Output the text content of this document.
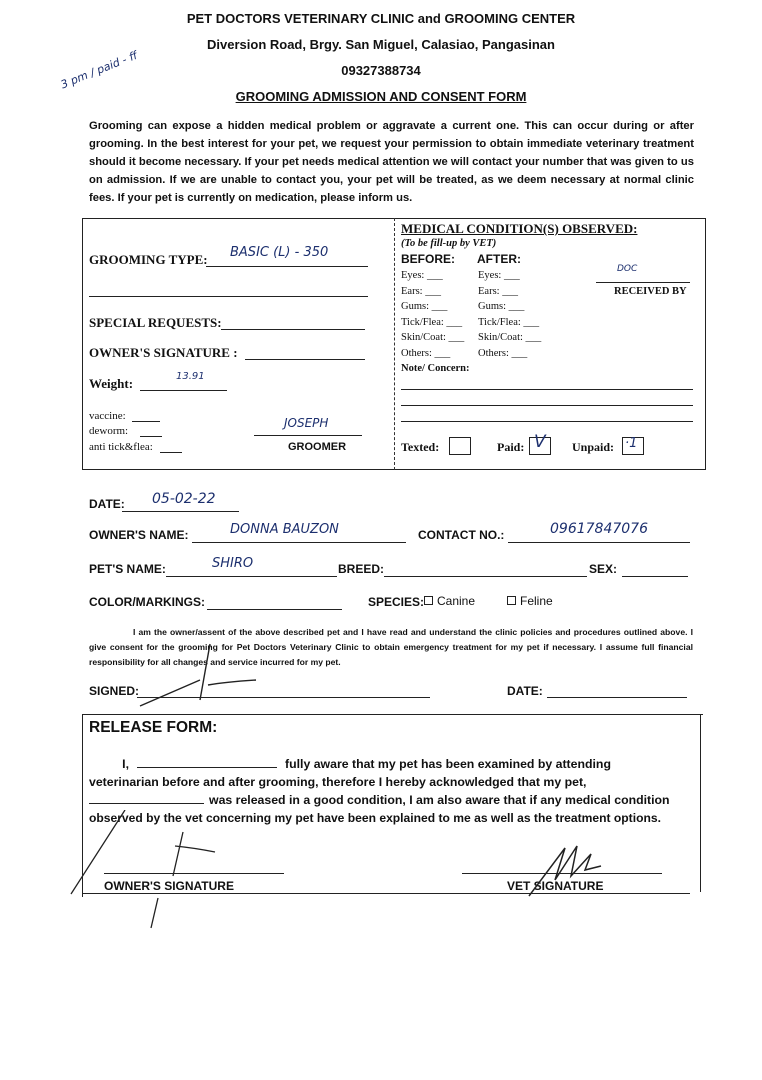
PET DOCTORS VETERINARY CLINIC and GROOMING CENTER
Diversion Road, Brgy. San Miguel, Calasiao, Pangasinan
09327388734
GROOMING ADMISSION AND CONSENT FORM
3 pm / paid - ff
Grooming can expose a hidden medical problem or aggravate a current one. This can occur during or after grooming. In the best interest for your pet, we request your permission to obtain immediate veterinary treatment should it become necessary. If your pet needs medical attention we will contact your number that was given to us on admission. If we are unable to contact you, your pet will be treated, as we deem necessary at normal clinic fees. If your pet is currently on medication, please inform us.
GROOMING TYPE: BASIC (L) - 350
SPECIAL REQUESTS:
OWNER'S SIGNATURE :
Weight:	13.91
vaccine:
deworm:
anti tick&flea:
JOSEPH
GROOMER
MEDICAL CONDITION(S) OBSERVED:
(To be fill-up by VET)
BEFORE: AFTER:
Eyes: ___	Eyes: ___
Ears: ___	Ears: ___
Gums: ___	Gums: ___
Tick/Flea: ___ Tick/Flea: ___
Skin/Coat: ___ Skin/Coat: ___
Others: ___	Others: ___
DOC
RECEIVED BY
Note/ Concern:
Texted:	Paid: V Unpaid: ·1
DATE: 05-02-22
OWNER'S NAME:	DONNA BAUZON	CONTACT NO.:	09617847076
PET'S NAME:	SHIRO	BREED:	SEX:
COLOR/MARKINGS:	SPECIES:	Canine	Feline
I am the owner/assent of the above described pet and I have read and understand the clinic policies and procedures outlined above. I give consent for the grooming for Pet Doctors Veterinary Clinic to obtain emergency treatment for my pet if necessary. I assume full financial responsibility for all changes and service incurred for my pet.
SIGNED:	DATE:
RELEASE FORM:
I,	fully aware that my pet has been examined by attending
veterinarian before and after grooming, therefore I hereby acknowledged that my pet,
was released in a good condition, I am also aware that if any medical condition
observed by the vet concerning my pet have been explained to me as well as the treatment options.
OWNER'S SIGNATURE	VET SIGNATURE
